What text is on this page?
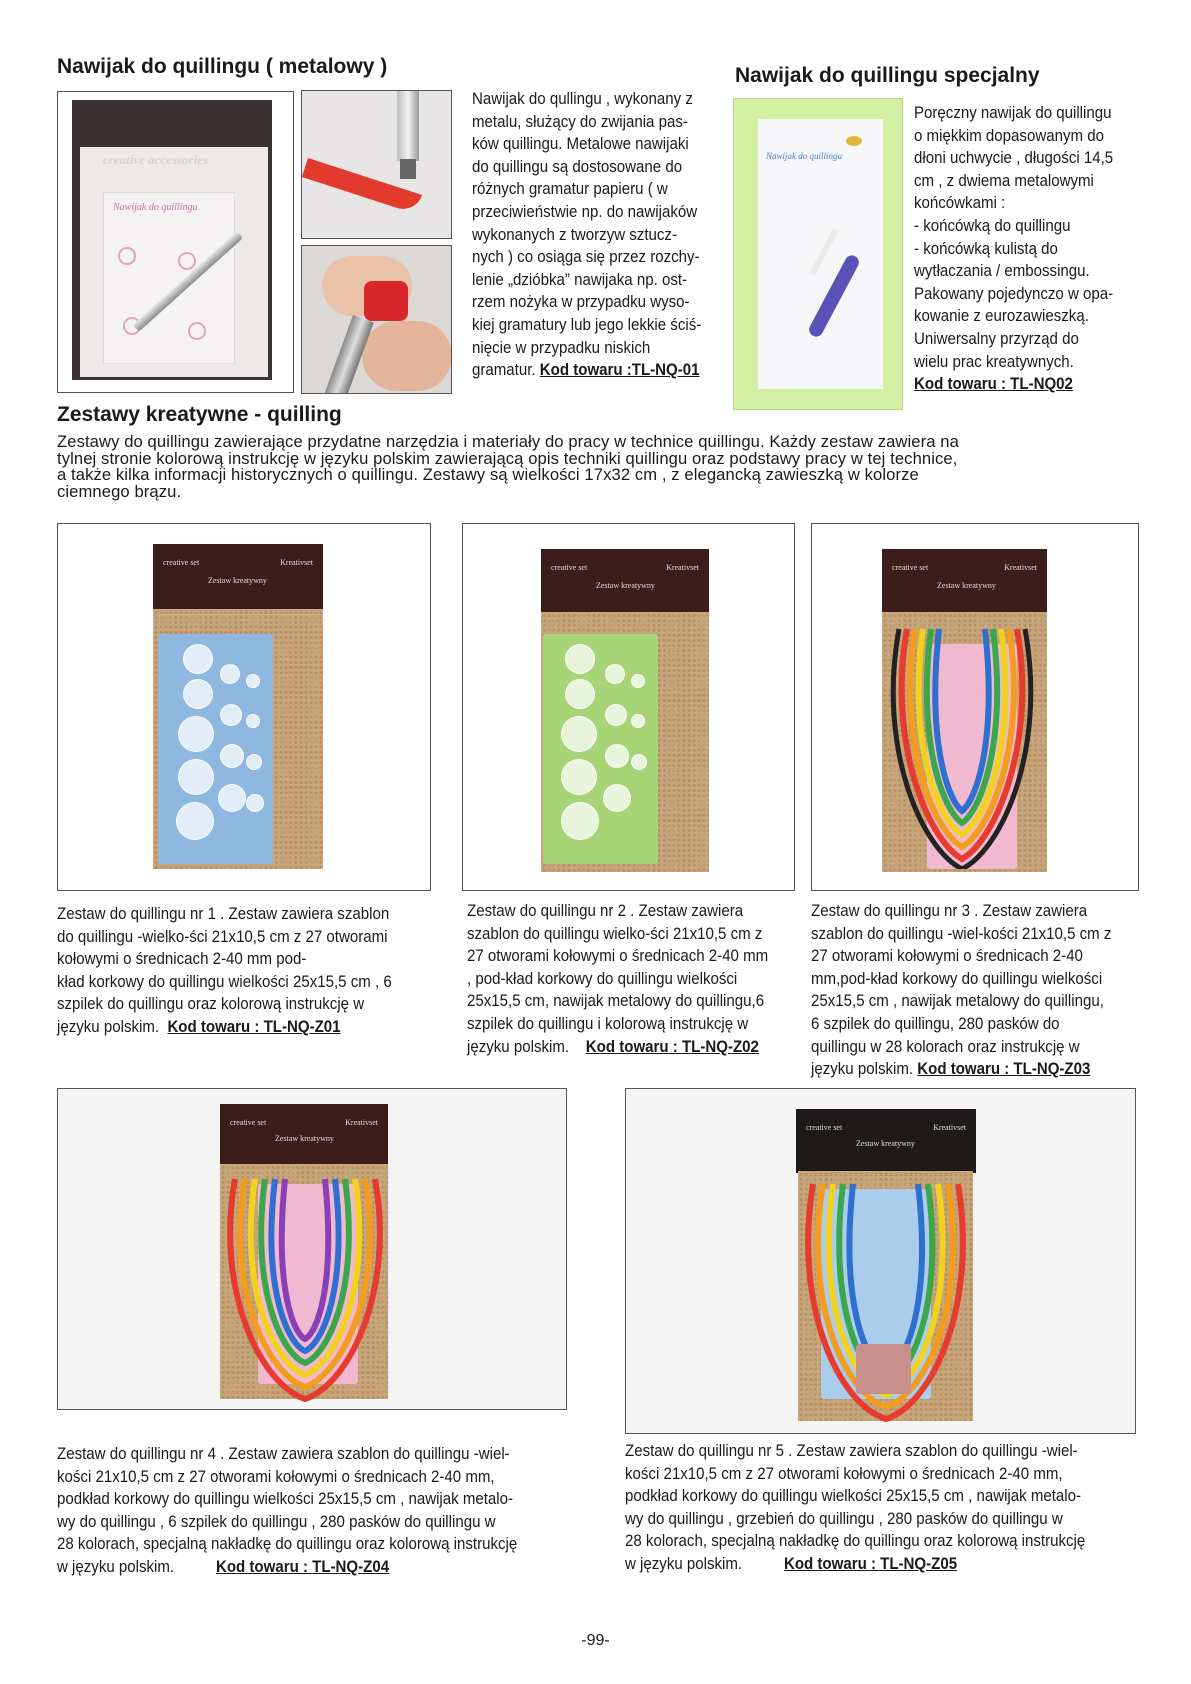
Nawijak do quillingu ( metalowy )
creative accessories
Nawijak do quillingu

Nawijak do qullingu , wykonany z

metalu, służący do zwijania pas-

ków quillingu. Metalowe nawijaki

do quillingu są dostosowane do

różnych gramatur papieru ( w

przeciwieństwie np. do nawijaków

wykonanych z tworzyw sztucz-

nych ) co osiąga się przez rozchy-

lenie „dzióbka” nawijaka np. ost-

rzem nożyka w przypadku wyso-

kiej gramatury lub jego lekkie ściś-

nięcie w przypadku niskich

gramatur. Kod towaru :TL-NQ-01

Nawijak do quillingu specjalny
Nawijak do quillingu

Poręczny nawijak do quillingu

o miękkim dopasowanym do

dłoni uchwycie , długości 14,5

cm , z dwiema metalowymi

końcówkami :

- końcówką do quillingu

- końcówką kulistą do

wytłaczania / embossingu.

Pakowany pojedynczo w opa-

kowanie z eurozawieszką.

Uniwersalny przyrząd do

wielu prac kreatywnych.

Kod towaru : TL-NQ02

Zestawy kreatywne - quilling

Zestawy do quillingu zawierające przydatne narzędzia i materiały do pracy w technice quillingu. Każdy zestaw zawiera na

tylnej stronie kolorową instrukcję w języku polskim zawierającą opis techniki quillingu oraz podstawy pracy w tej technice,

a także kilka informacji historycznych o quillingu. Zestawy są wielkości 17x32 cm , z elegancką zawieszką w kolorze

ciemnego brązu.

creative set	Kreativset
Zestaw kreatywny
creative set	Kreativset
Zestaw kreatywny
creative set	Kreativset
Zestaw kreatywny
creative set	Kreativset
Zestaw kreatywny
creative set	Kreativset
Zestaw kreatywny

Zestaw do quillingu nr 1 . Zestaw zawiera szablon

do quillingu -wielko-ści 21x10,5 cm z 27 otworami

kołowymi o średnicach 2-40 mm pod-

kład korkowy do quillingu wielkości 25x15,5 cm , 6

szpilek do quillingu oraz kolorową instrukcję w

języku polskim. Kod towaru : TL-NQ-Z01

Zestaw do quillingu nr 2 . Zestaw zawiera

szablon do quillingu wielko-ści 21x10,5 cm z

27 otworami kołowymi o średnicach 2-40 mm

, pod-kład korkowy do quillingu wielkości

25x15,5 cm, nawijak metalowy do quillingu,6

szpilek do quillingu i kolorową instrukcję w

języku polskim. Kod towaru : TL-NQ-Z02

Zestaw do quillingu nr 3 . Zestaw zawiera

szablon do quillingu -wiel-kości 21x10,5 cm z

27 otworami kołowymi o średnicach 2-40

mm,pod-kład korkowy do quillingu wielkości

25x15,5 cm , nawijak metalowy do quillingu,

6 szpilek do quillingu, 280 pasków do

quillingu w 28 kolorach oraz instrukcję w

języku polskim. Kod towaru : TL-NQ-Z03

Zestaw do quillingu nr 4 . Zestaw zawiera szablon do quillingu -wiel-

kości 21x10,5 cm z 27 otworami kołowymi o średnicach 2-40 mm,

podkład korkowy do quillingu wielkości 25x15,5 cm , nawijak metalo-

wy do quillingu , 6 szpilek do quillingu , 280 pasków do quillingu w

28 kolorach, specjalną nakładkę do quillingu oraz kolorową instrukcję

w języku polskim.	Kod towaru : TL-NQ-Z04

Zestaw do quillingu nr 5 . Zestaw zawiera szablon do quillingu -wiel-

kości 21x10,5 cm z 27 otworami kołowymi o średnicach 2-40 mm,

podkład korkowy do quillingu wielkości 25x15,5 cm , nawijak metalo-

wy do quillingu , grzebień do quillingu , 280 pasków do quillingu w

28 kolorach, specjalną nakładkę do quillingu oraz kolorową instrukcję

w języku polskim.	Kod towaru : TL-NQ-Z05

-99-
